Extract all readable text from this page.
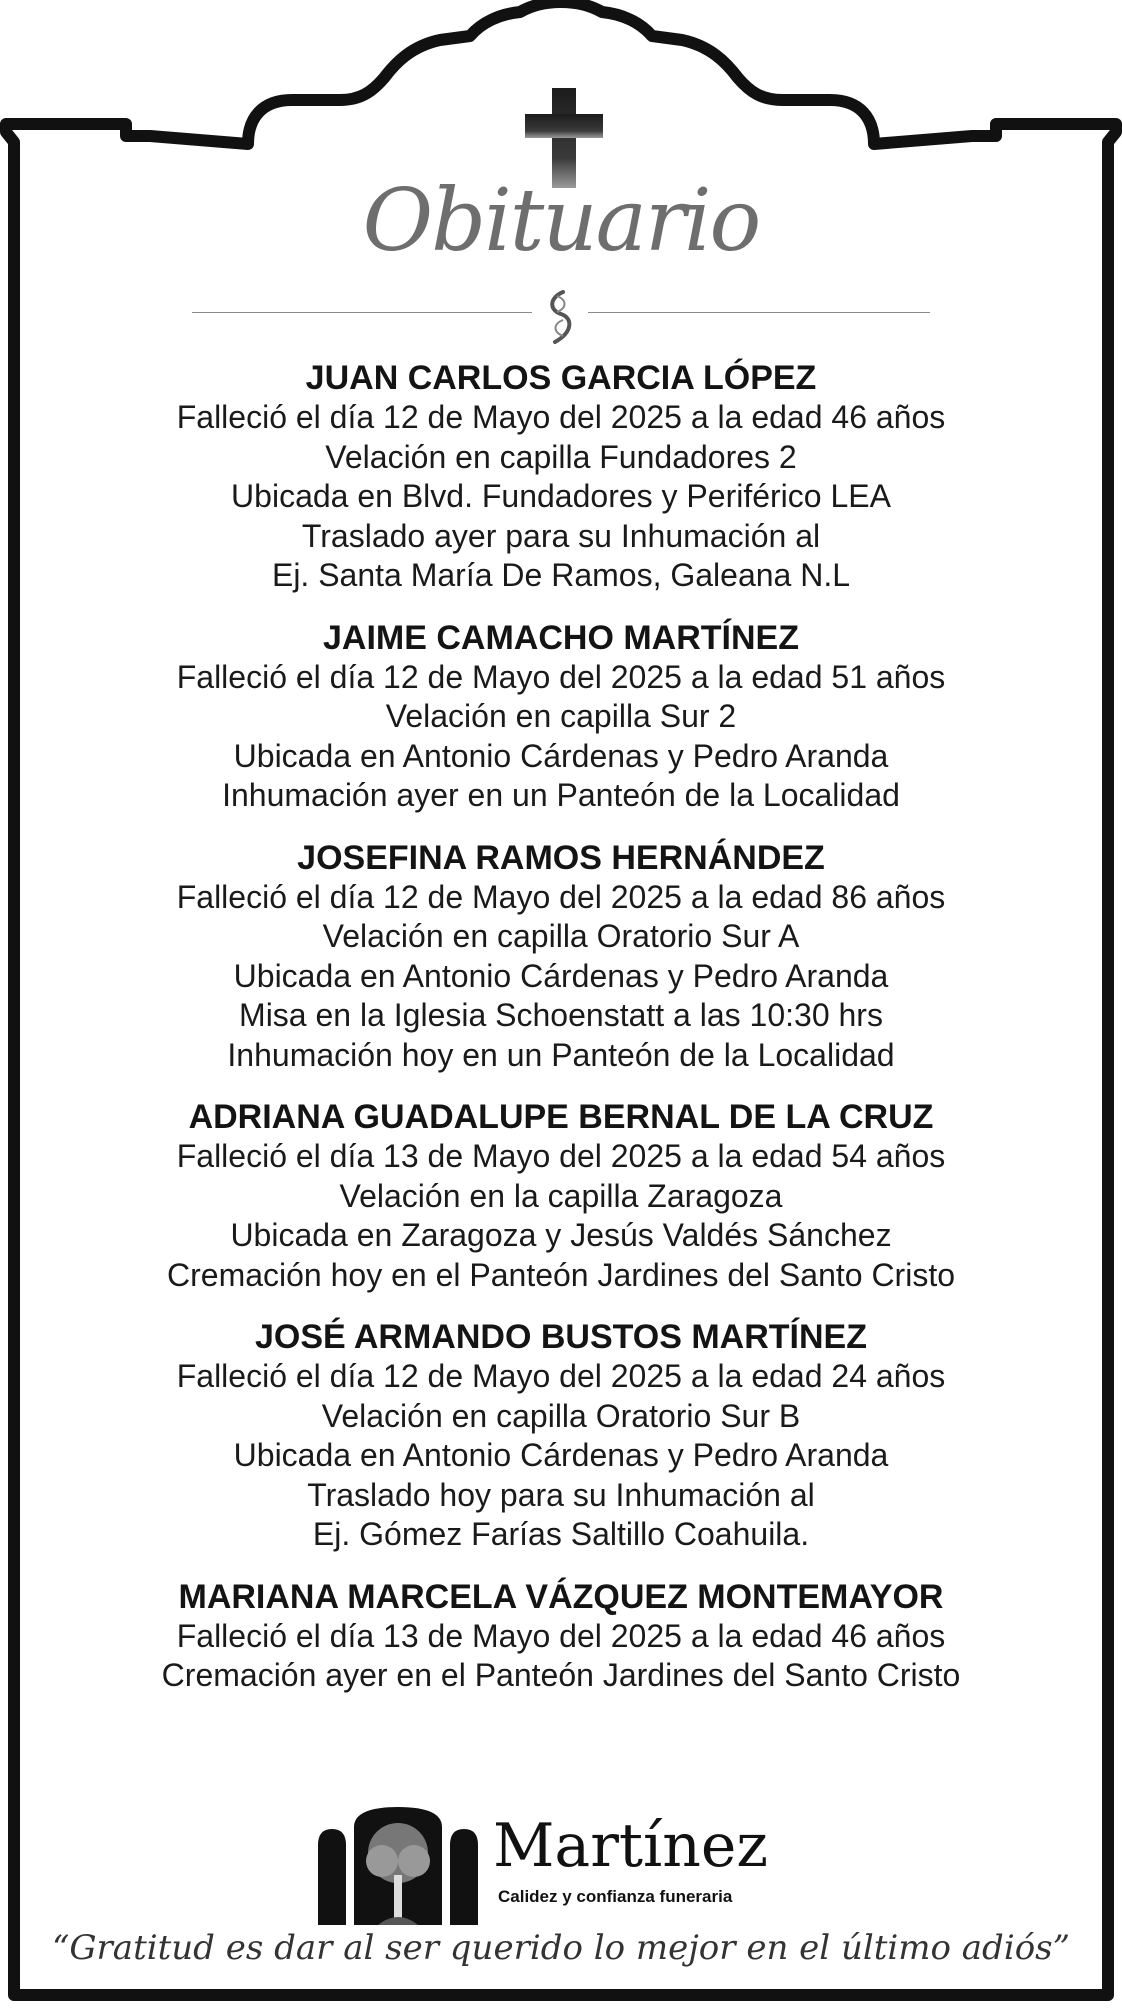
Obituario

JUAN CARLOS GARCIA LÓPEZ

Falleció el día 12 de Mayo del 2025 a la edad 46 años

Velación en capilla Fundadores 2

Ubicada en Blvd. Fundadores y Periférico LEA

Traslado ayer para su Inhumación al

Ej. Santa María De Ramos, Galeana N.L

JAIME CAMACHO MARTÍNEZ

Falleció el día 12 de Mayo del 2025 a la edad 51 años

Velación en capilla Sur 2

Ubicada en Antonio Cárdenas y Pedro Aranda

Inhumación ayer en un Panteón de la Localidad

JOSEFINA RAMOS HERNÁNDEZ

Falleció el día 12 de Mayo del 2025 a la edad 86 años

Velación en capilla Oratorio Sur A

Ubicada en Antonio Cárdenas y Pedro Aranda

Misa en la Iglesia Schoenstatt a las 10:30 hrs

Inhumación hoy en un Panteón de la Localidad

ADRIANA GUADALUPE BERNAL DE LA CRUZ

Falleció el día 13 de Mayo del 2025 a la edad 54 años

Velación en la capilla Zaragoza

Ubicada en Zaragoza y Jesús Valdés Sánchez

Cremación hoy en el Panteón Jardines del Santo Cristo

JOSÉ ARMANDO BUSTOS MARTÍNEZ

Falleció el día 12 de Mayo del 2025 a la edad 24 años

Velación en capilla Oratorio Sur B

Ubicada en Antonio Cárdenas y Pedro Aranda

Traslado hoy para su Inhumación al

Ej. Gómez Farías Saltillo Coahuila.

MARIANA MARCELA VÁZQUEZ MONTEMAYOR

Falleció el día 13 de Mayo del 2025 a la edad 46 años

Cremación ayer en el Panteón Jardines del Santo Cristo

Martínez
Calidez y confianza funeraria
“Gratitud es dar al ser querido lo mejor en el último adiós”
